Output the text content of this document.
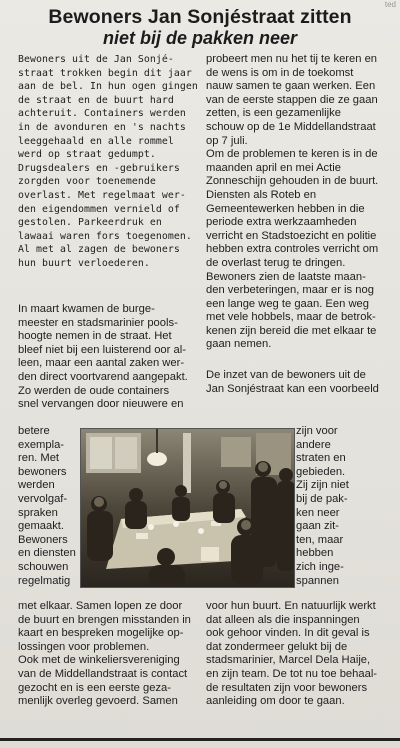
ted
Bewoners Jan Sonjéstraat zitten
niet bij de pakken neer
Bewoners uit de Jan Sonjé-
straat trokken begin dit jaar
aan de bel. In hun ogen gingen
de straat en de buurt hard
achteruit. Containers werden
in de avonduren en 's nachts
leeggehaald en alle rommel
werd op straat gedumpt.
Drugsdealers en -gebruikers
zorgden voor toenemende
overlast. Met regelmaat wer-
den eigendommen vernield of
gestolen. Parkeerdruk en
lawaai waren fors toegenomen.
Al met al zagen de bewoners
hun buurt verloederen.
In maart kwamen de burge-
meester en stadsmarinier pools-
hoogte nemen in de straat. Het
bleef niet bij een luisterend oor al-
leen, maar een aantal zaken wer-
den direct voortvarend aangepakt.
Zo werden de oude containers
snel vervangen door nieuwere en
betere
exempla-
ren. Met
bewoners
werden
vervolgaf-
spraken
gemaakt.
Bewoners
en diensten
schouwen
regelmatig
met elkaar. Samen lopen ze door
de buurt en brengen misstanden in
kaart en bespreken mogelijke op-
lossingen voor problemen.
Ook met de winkeliersvereniging
van de Middellandstraat is contact
gezocht en is een eerste geza-
menlijk overleg gevoerd. Samen
probeert men nu het tij te keren en
de wens is om in de toekomst
nauw samen te gaan werken. Een
van de eerste stappen die ze gaan
zetten, is een gezamenlijke
schouw op de 1e Middellandstraat
op 7 juli.
Om de problemen te keren is in de
maanden april en mei Actie
Zonneschijn gehouden in de buurt.
Diensten als Roteb en
Gemeentewerken hebben in die
periode extra werkzaamheden
verricht en Stadstoezicht en politie
hebben extra controles verricht om
de overlast terug te dringen.
Bewoners zien de laatste maan-
den verbeteringen, maar er is nog
een lange weg te gaan. Een weg
met vele hobbels, maar de betrok-
kenen zijn bereid die met elkaar te
gaan nemen.
De inzet van de bewoners uit de
Jan Sonjéstraat kan een voorbeeld
zijn voor
andere
straten en
gebieden.
Zij zijn niet
bij de pak-
ken neer
gaan zit-
ten, maar
hebben
zich inge-
spannen
voor hun buurt. En natuurlijk werkt
dat alleen als die inspanningen
ook gehoor vinden. In dit geval is
dat zondermeer gelukt bij de
stadsmarinier, Marcel Dela Haije,
en zijn team. De tot nu toe behaal-
de resultaten zijn voor bewoners
aanleiding om door te gaan.
